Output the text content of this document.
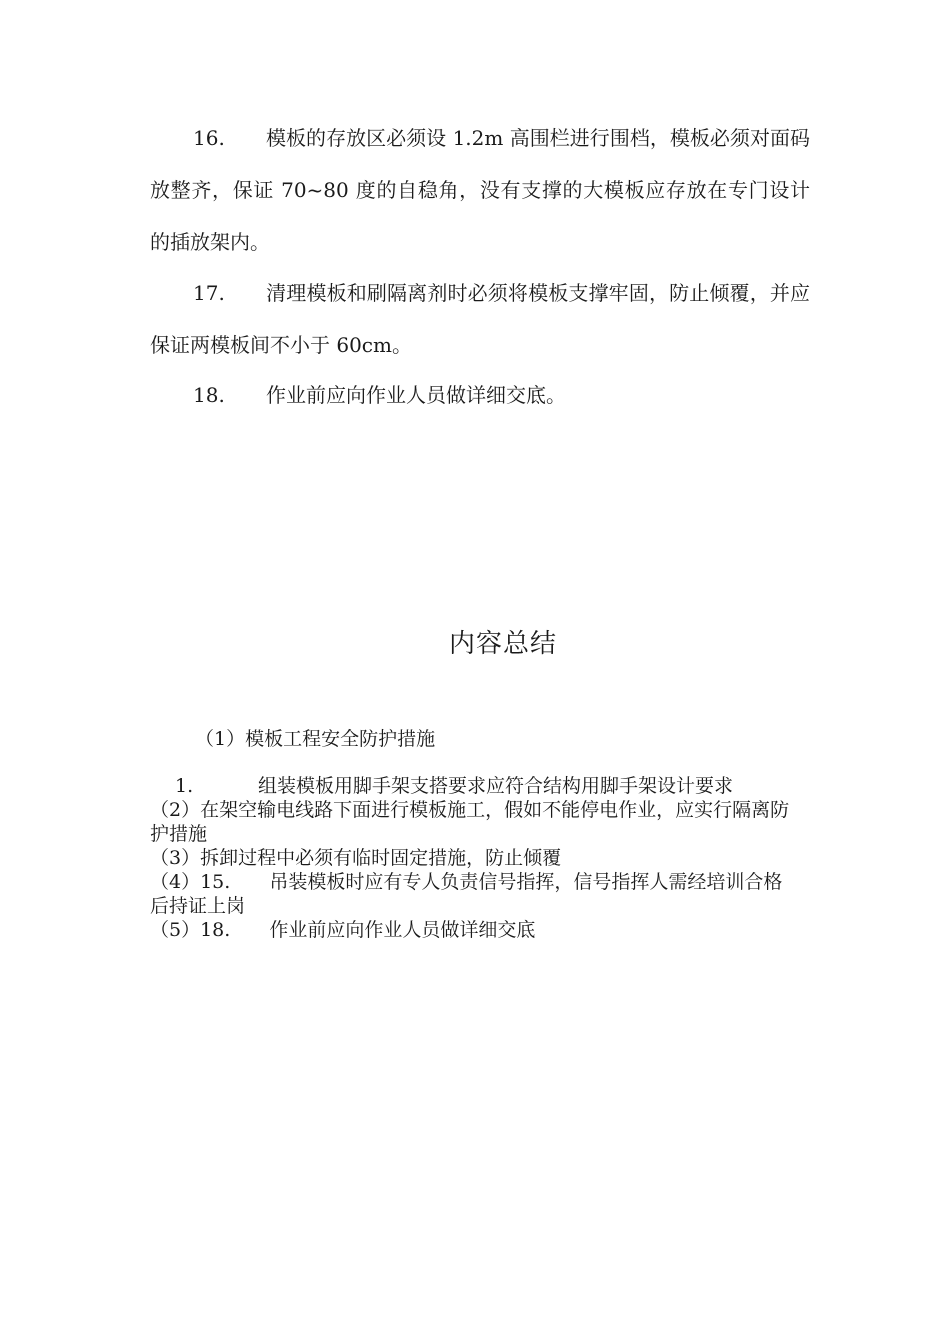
16. 模板的存放区必须设 1.2m 高围栏进行围档，模板必须对面码放整齐，保证 70~80 度的自稳角，没有支撑的大模板应存放在专门设计的插放架内。

17. 清理模板和刷隔离剂时必须将模板支撑牢固，防止倾覆，并应保证两模板间不小于 60cm。

18. 作业前应向作业人员做详细交底。

内容总结
（1）模板工程安全防护措施
1.	组装模板用脚手架支搭要求应符合结构用脚手架设计要求
（2）在架空输电线路下面进行模板施工，假如不能停电作业，应实行隔离防护措施
（3）拆卸过程中必须有临时固定措施，防止倾覆
（4）15. 吊装模板时应有专人负责信号指挥，信号指挥人需经培训合格后持证上岗
（5）18. 作业前应向作业人员做详细交底
